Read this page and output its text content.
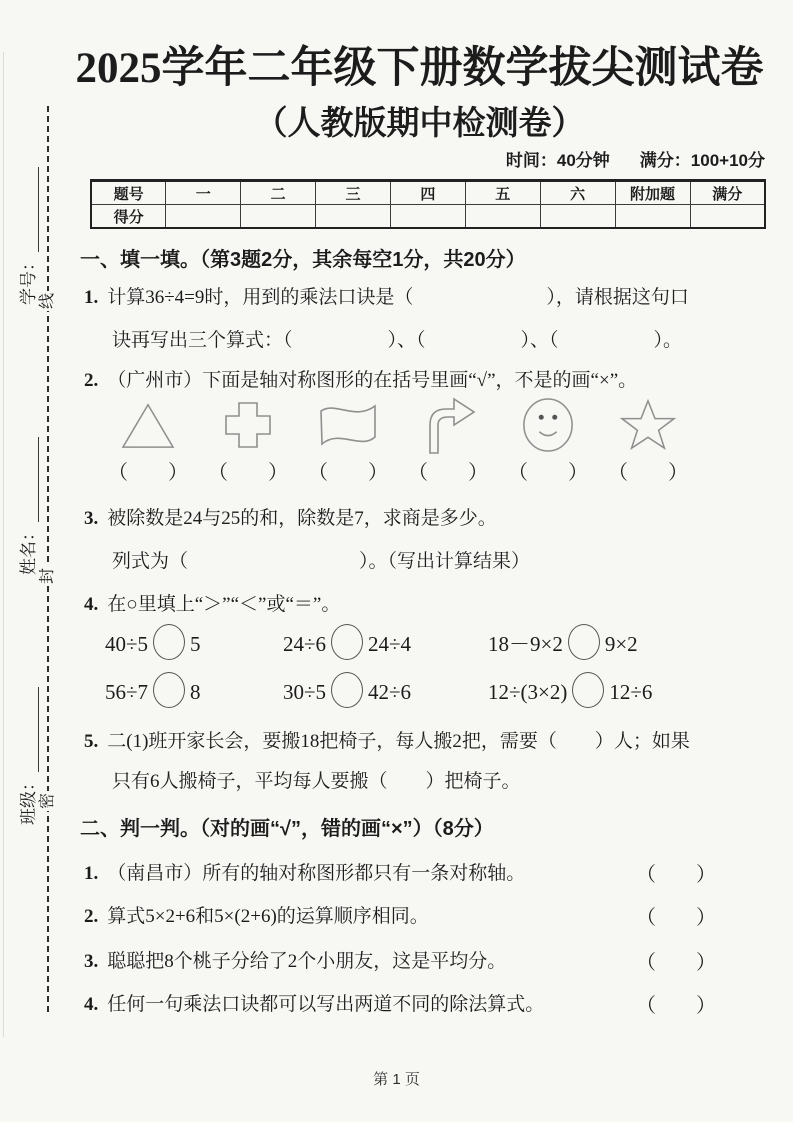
学号：
姓名：
班级：
线
封
密
2025学年二年级下册数学拔尖测试卷
（人教版期中检测卷）
时间：40分钟 满分：100+10分
题号	一	二	三	四	五	六	附加题	满分
得分								
一、填一填。（第3题2分，其余每空1分，共20分）
1. 计算36÷4=9时，用到的乘法口诀是（　　　　　　　），请根据这句口
诀再写出三个算式：（　　　　　）、（　　　　　）、（　　　　　）。
2. （广州市）下面是轴对称图形的在括号里画“√”，不是的画“×”。
（　　）	（　　）	（　　）	（　　）	（　　）	（　　）
3. 被除数是24与25的和，除数是7，求商是多少。
列式为（　　　　　　　　　）。（写出计算结果）
4. 在○里填上“＞”“＜”或“＝”。
40÷5 5	24÷6 24÷4	18－9×2 9×2
56÷7 8	30÷5 42÷6	12÷(3×2) 12÷6
5. 二(1)班开家长会，要搬18把椅子，每人搬2把，需要（　　）人；如果
只有6人搬椅子，平均每人要搬（　　）把椅子。
二、判一判。（对的画“√”，错的画“×”）（8分）
1. （南昌市）所有的轴对称图形都只有一条对称轴。	（　　）
2. 算式5×2+6和5×(2+6)的运算顺序相同。	（　　）
3. 聪聪把8个桃子分给了2个小朋友，这是平均分。	（　　）
4. 任何一句乘法口诀都可以写出两道不同的除法算式。	（　　）
第 1 页
